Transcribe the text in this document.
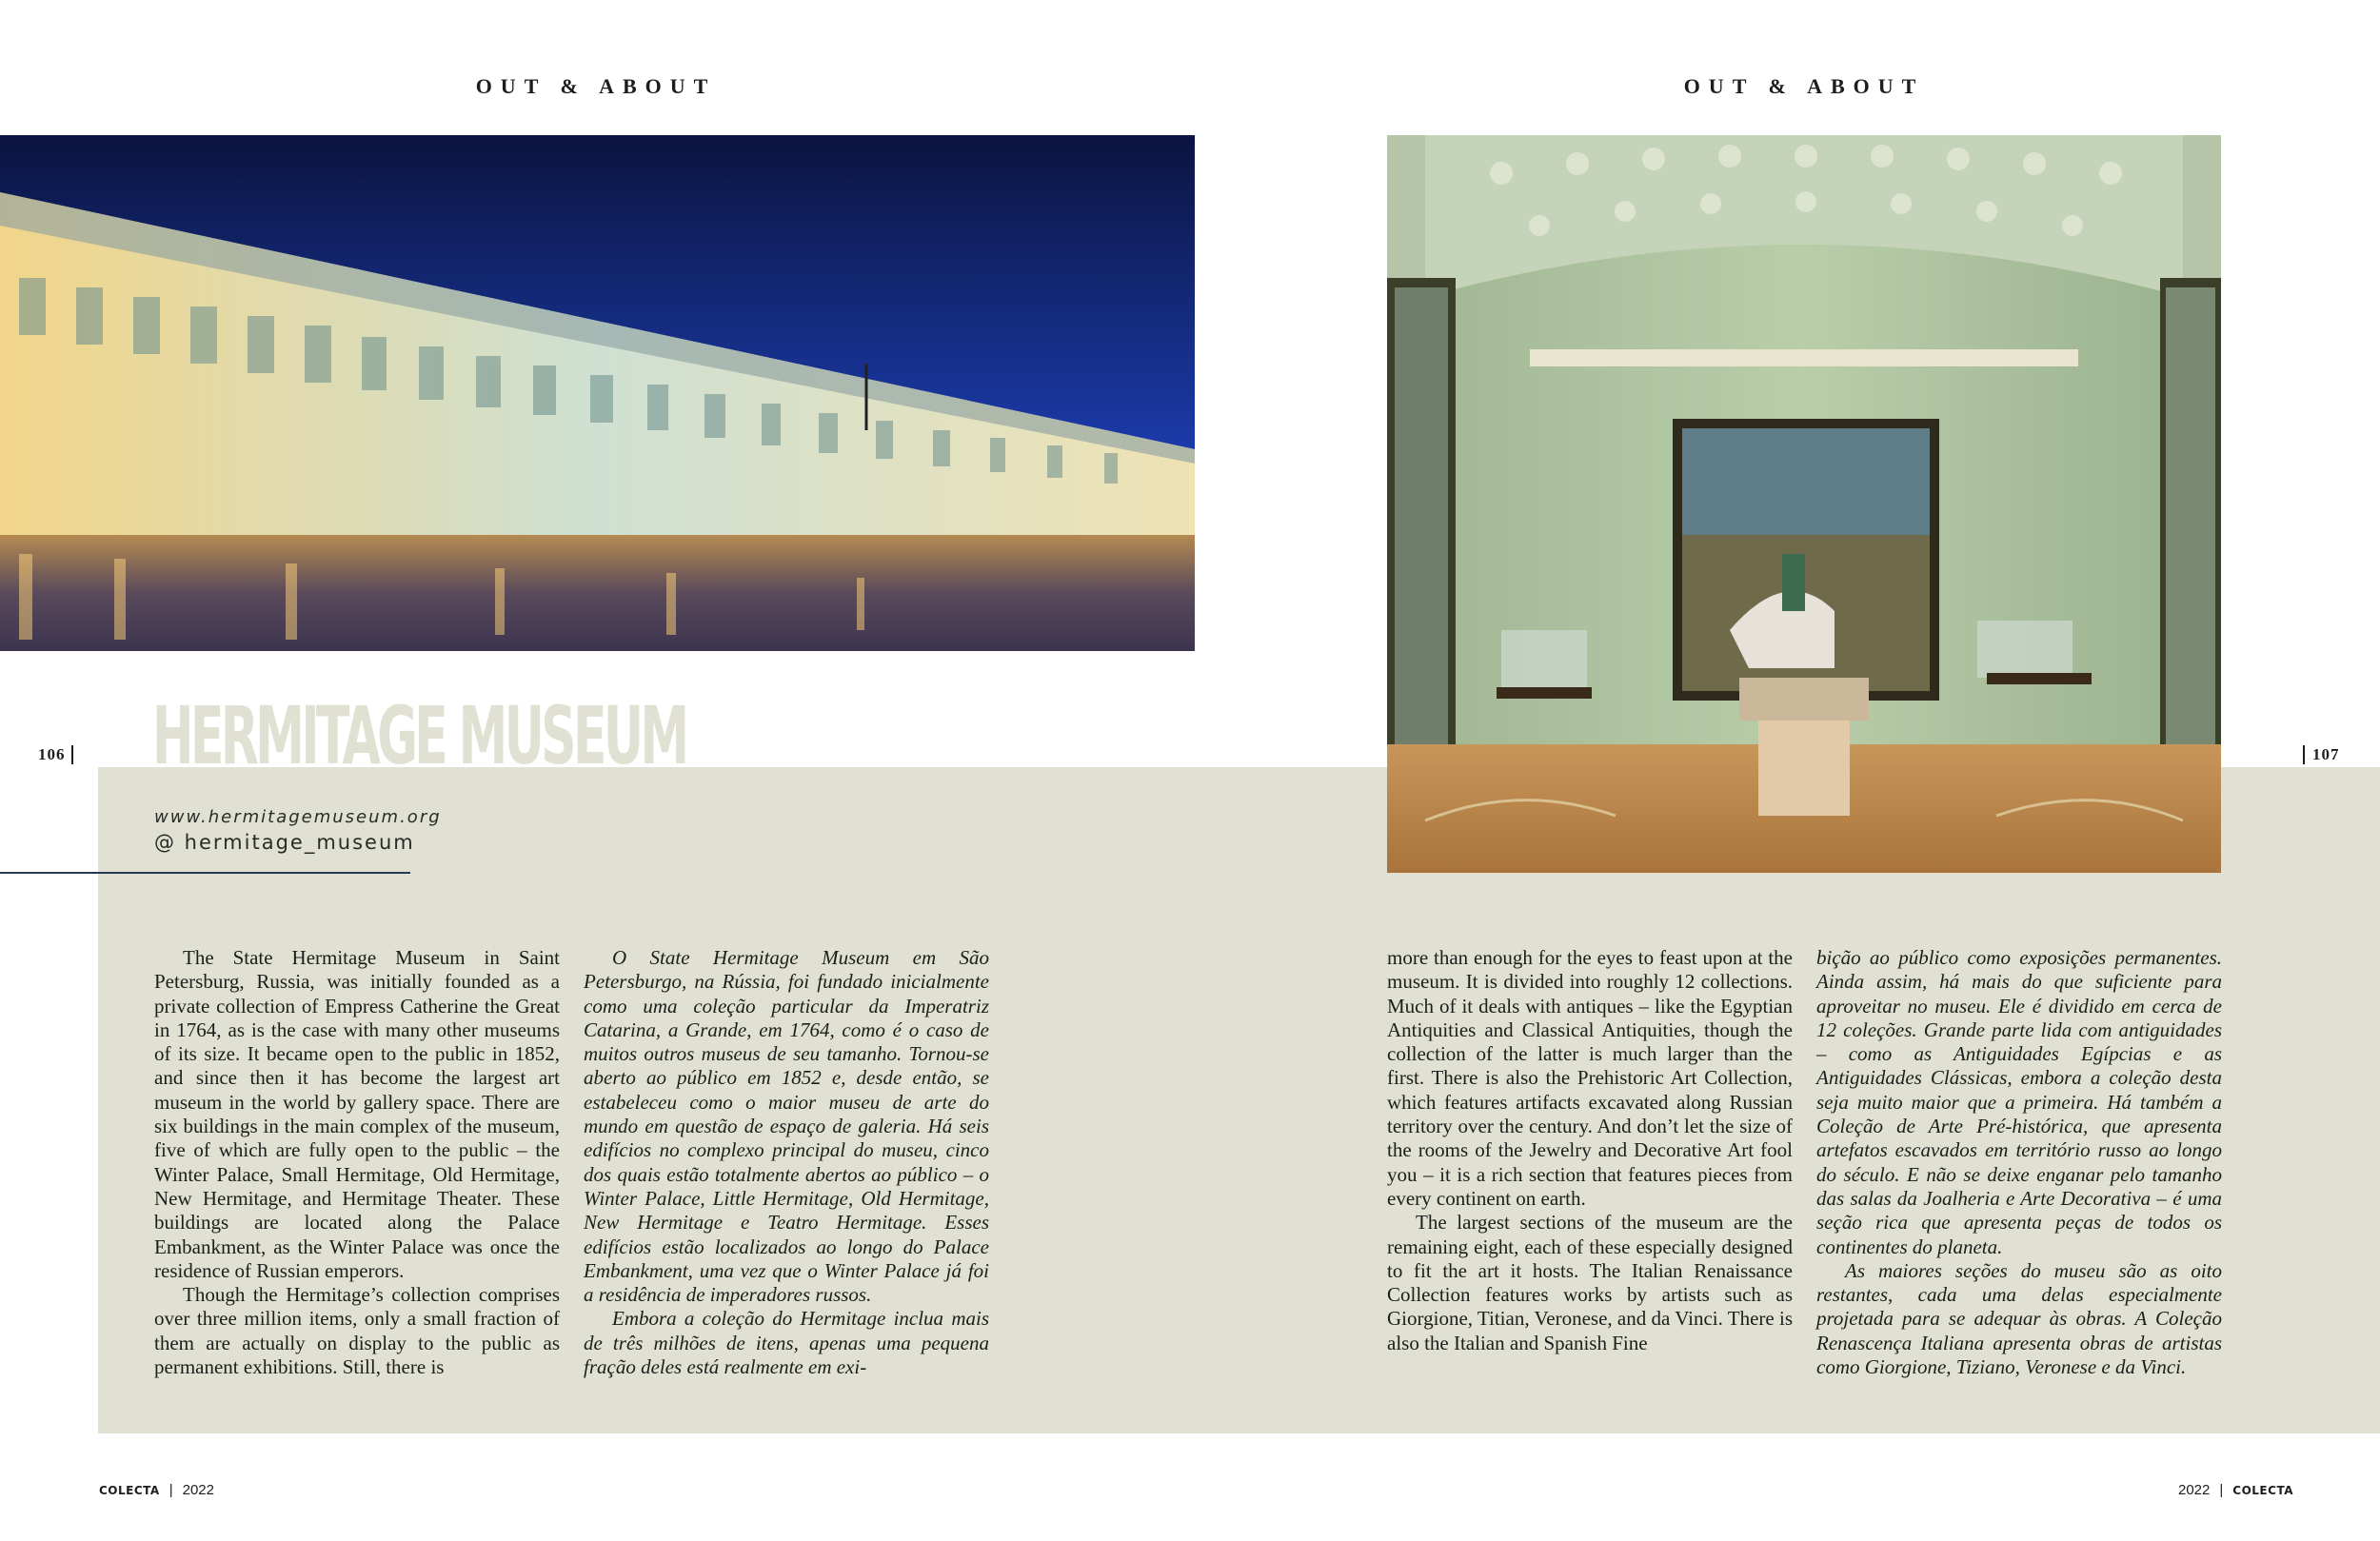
OUT & ABOUT	OUT & ABOUT
HERMITAGE MUSEUM
106	107
www.hermitagemuseum.org
@ hermitage_museum

The State Hermitage Museum in Saint Petersburg, Russia, was initially founded as a private collection of Empress Catherine the Great in 1764, as is the case with many other museums of its size. It became open to the public in 1852, and since then it has become the largest art museum in the world by gallery space. There are six buildings in the main complex of the museum, five of which are fully open to the public – the Winter Palace, Small Hermitage, Old Hermitage, New Hermitage, and Hermitage Theater. These buildings are located along the Palace Embankment, as the Winter Palace was once the residence of Russian emperors.

Though the Hermitage’s collection comprises over three million items, only a small fraction of them are actually on display to the public as permanent exhibitions. Still, there is

O State Hermitage Museum em São Petersburgo, na Rússia, foi fundado inicialmente como uma coleção particular da Imperatriz Catarina, a Grande, em 1764, como é o caso de muitos outros museus de seu tamanho. Tornou-se aberto ao público em 1852 e, desde então, se estabeleceu como o maior museu de arte do mundo em questão de espaço de galeria. Há seis edifícios no complexo principal do museu, cinco dos quais estão totalmente abertos ao público – o Winter Palace, Little Hermitage, Old Hermitage, New Hermitage e Teatro Hermitage. Esses edifícios estão localizados ao longo do Palace Embankment, uma vez que o Winter Palace já foi a residência de imperadores russos.

Embora a coleção do Hermitage inclua mais de três milhões de itens, apenas uma pequena fração deles está realmente em exi-

more than enough for the eyes to feast upon at the museum. It is divided into roughly 12 collections. Much of it deals with antiques – like the Egyptian Antiquities and Classical Antiquities, though the collection of the latter is much larger than the first. There is also the Prehistoric Art Collection, which features artifacts excavated along Russian territory over the century. And don’t let the size of the rooms of the Jewelry and Decorative Art fool you – it is a rich section that features pieces from every continent on earth.

The largest sections of the museum are the remaining eight, each of these especially designed to fit the art it hosts. The Italian Renaissance Collection features works by artists such as Giorgione, Titian, Veronese, and da Vinci. There is also the Italian and Spanish Fine

bição ao público como exposições permanentes. Ainda assim, há mais do que suficiente para aproveitar no museu. Ele é dividido em cerca de 12 coleções. Grande parte lida com antiguidades – como as Antiguidades Egípcias e as Antiguidades Clássicas, embora a coleção desta seja muito maior que a primeira. Há também a Coleção de Arte Pré-histórica, que apresenta artefatos escavados em território russo ao longo do século. E não se deixe enganar pelo tamanho das salas da Joalheria e Arte Decorativa – é uma seção rica que apresenta peças de todos os continentes do planeta.

As maiores seções do museu são as oito restantes, cada uma delas especialmente projetada para se adequar às obras. A Coleção Renascença Italiana apresenta obras de artistas como Giorgione, Tiziano, Veronese e da Vinci.

COLECTA | 2022	2022 | COLECTA
